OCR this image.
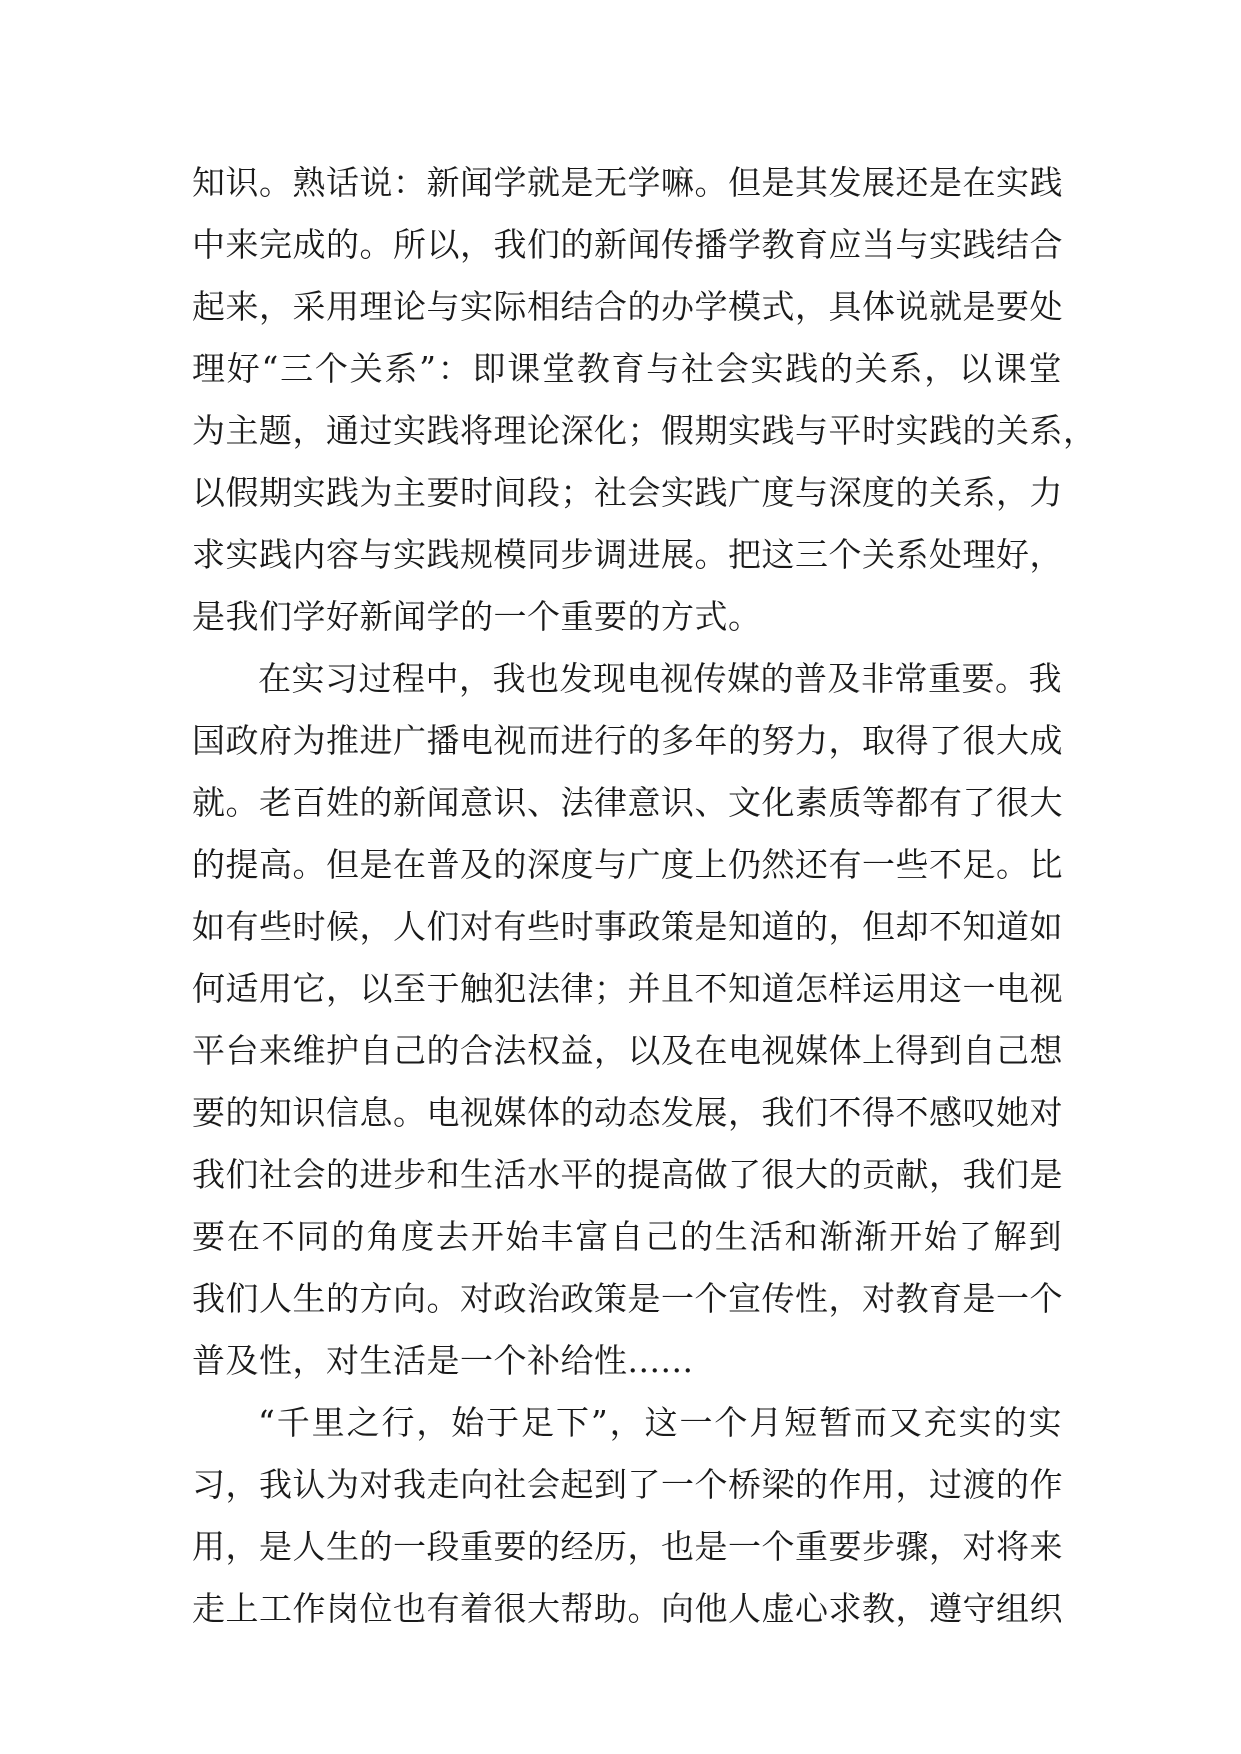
知识。熟话说：新闻学就是无学嘛。但是其发展还是在实践
中来完成的。所以，我们的新闻传播学教育应当与实践结合
起来，采用理论与实际相结合的办学模式，具体说就是要处
理好“三个关系”：即课堂教育与社会实践的关系，以课堂
为主题，通过实践将理论深化；假期实践与平时实践的关系，
以假期实践为主要时间段；社会实践广度与深度的关系，力
求实践内容与实践规模同步调进展。把这三个关系处理好，
是我们学好新闻学的一个重要的方式。
在实习过程中，我也发现电视传媒的普及非常重要。我
国政府为推进广播电视而进行的多年的努力，取得了很大成
就。老百姓的新闻意识、法律意识、文化素质等都有了很大
的提高。但是在普及的深度与广度上仍然还有一些不足。比
如有些时候，人们对有些时事政策是知道的，但却不知道如
何适用它，以至于触犯法律；并且不知道怎样运用这一电视
平台来维护自己的合法权益，以及在电视媒体上得到自己想
要的知识信息。电视媒体的动态发展，我们不得不感叹她对
我们社会的进步和生活水平的提高做了很大的贡献，我们是
要在不同的角度去开始丰富自己的生活和渐渐开始了解到
我们人生的方向。对政治政策是一个宣传性，对教育是一个
普及性，对生活是一个补给性......
“千里之行，始于足下”，这一个月短暂而又充实的实
习，我认为对我走向社会起到了一个桥梁的作用，过渡的作
用，是人生的一段重要的经历，也是一个重要步骤，对将来
走上工作岗位也有着很大帮助。向他人虚心求教，遵守组织
